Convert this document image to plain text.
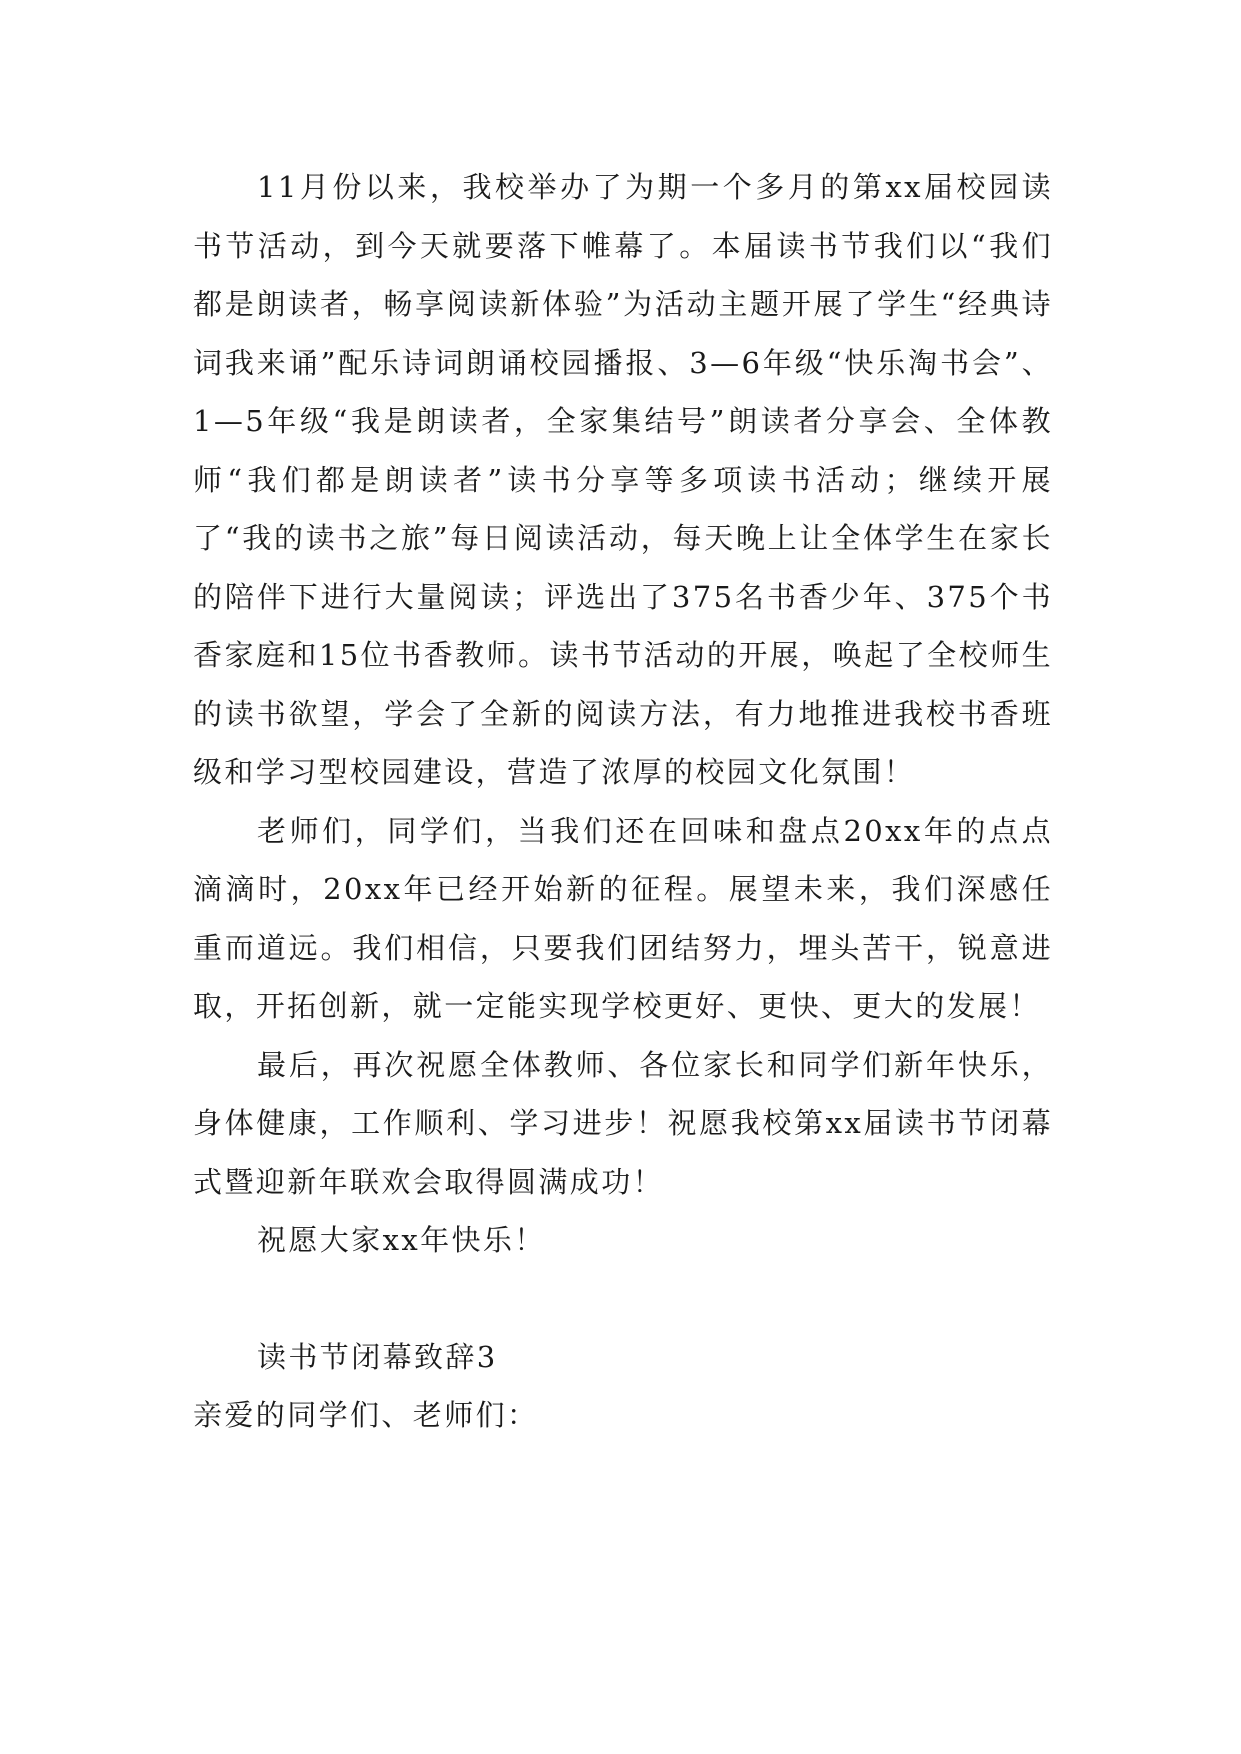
11月份以来，我校举办了为期一个多月的第xx届校园读书节活动，到今天就要落下帷幕了。本届读书节我们以“我们都是朗读者，畅享阅读新体验”为活动主题开展了学生“经典诗词我来诵”配乐诗词朗诵校园播报、3—6年级“快乐淘书会”、1—5年级“我是朗读者，全家集结号”朗读者分享会、全体教师“我们都是朗读者”读书分享等多项读书活动；继续开展了“我的读书之旅”每日阅读活动，每天晚上让全体学生在家长的陪伴下进行大量阅读；评选出了375名书香少年、375个书香家庭和15位书香教师。读书节活动的开展，唤起了全校师生的读书欲望，学会了全新的阅读方法，有力地推进我校书香班级和学习型校园建设，营造了浓厚的校园文化氛围！

老师们，同学们，当我们还在回味和盘点20xx年的点点滴滴时，20xx年已经开始新的征程。展望未来，我们深感任重而道远。我们相信，只要我们团结努力，埋头苦干，锐意进取，开拓创新，就一定能实现学校更好、更快、更大的发展！

最后，再次祝愿全体教师、各位家长和同学们新年快乐，身体健康，工作顺利、学习进步！祝愿我校第xx届读书节闭幕式暨迎新年联欢会取得圆满成功！

祝愿大家xx年快乐！

读书节闭幕致辞3

亲爱的同学们、老师们：
